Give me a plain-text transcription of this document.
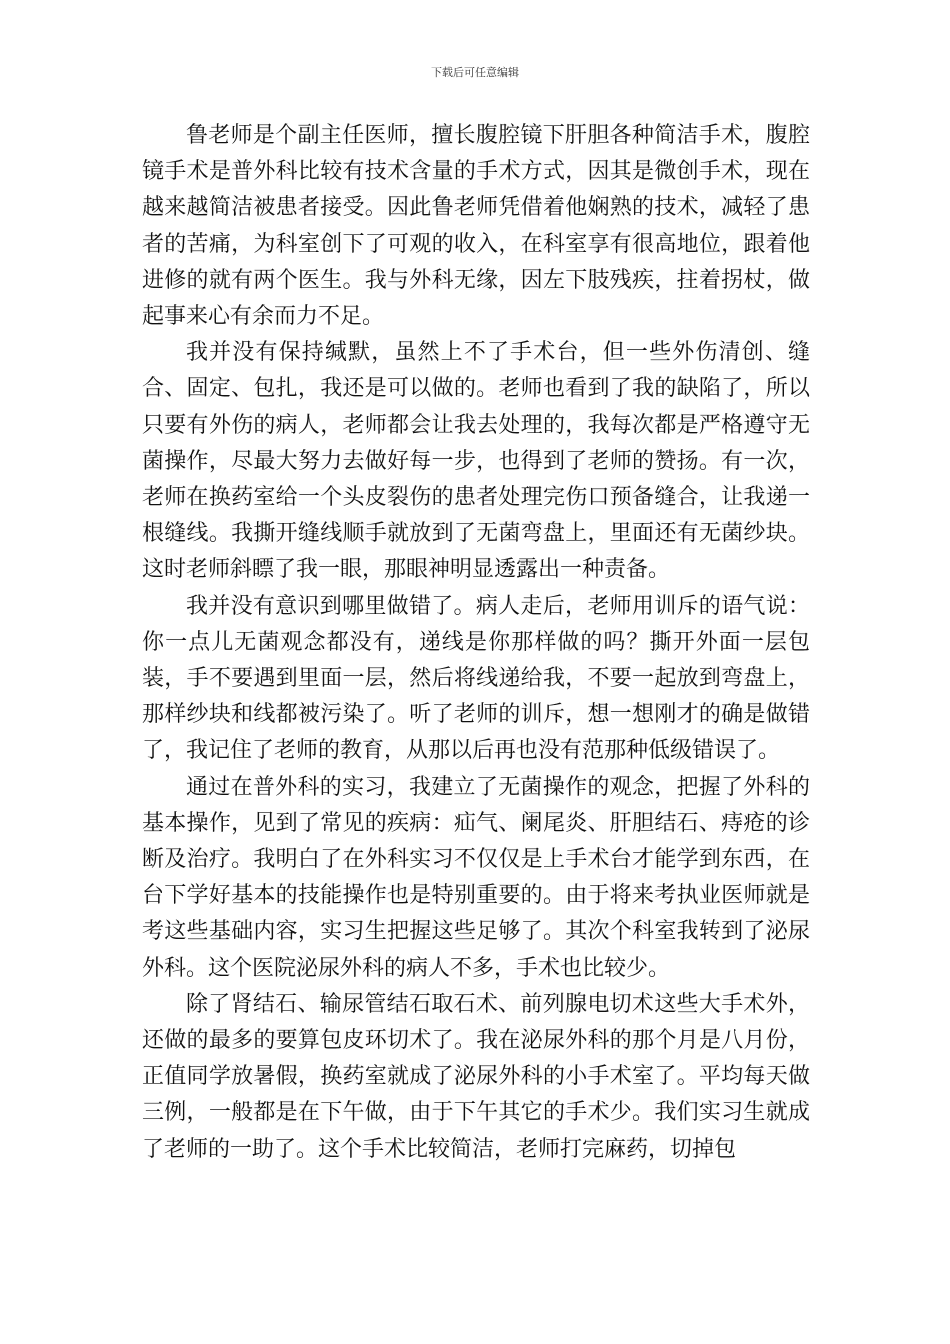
下载后可任意编辑

鲁老师是个副主任医师，擅长腹腔镜下肝胆各种简洁手术，腹腔镜手术是普外科比较有技术含量的手术方式，因其是微创手术，现在越来越简洁被患者接受。因此鲁老师凭借着他娴熟的技术，减轻了患者的苦痛，为科室创下了可观的收入，在科室享有很高地位，跟着他进修的就有两个医生。我与外科无缘，因左下肢残疾，拄着拐杖，做起事来心有余而力不足。

我并没有保持缄默，虽然上不了手术台，但一些外伤清创、缝合、固定、包扎，我还是可以做的。老师也看到了我的缺陷了，所以只要有外伤的病人，老师都会让我去处理的，我每次都是严格遵守无菌操作，尽最大努力去做好每一步，也得到了老师的赞扬。有一次，老师在换药室给一个头皮裂伤的患者处理完伤口预备缝合，让我递一根缝线。我撕开缝线顺手就放到了无菌弯盘上，里面还有无菌纱块。这时老师斜瞟了我一眼，那眼神明显透露出一种责备。

我并没有意识到哪里做错了。病人走后，老师用训斥的语气说：你一点儿无菌观念都没有，递线是你那样做的吗？撕开外面一层包装，手不要遇到里面一层，然后将线递给我，不要一起放到弯盘上，那样纱块和线都被污染了。听了老师的训斥，想一想刚才的确是做错了，我记住了老师的教育，从那以后再也没有范那种低级错误了。

通过在普外科的实习，我建立了无菌操作的观念，把握了外科的基本操作，见到了常见的疾病：疝气、阑尾炎、肝胆结石、痔疮的诊断及治疗。我明白了在外科实习不仅仅是上手术台才能学到东西，在台下学好基本的技能操作也是特别重要的。由于将来考执业医师就是考这些基础内容，实习生把握这些足够了。其次个科室我转到了泌尿外科。这个医院泌尿外科的病人不多，手术也比较少。

除了肾结石、输尿管结石取石术、前列腺电切术这些大手术外，还做的最多的要算包皮环切术了。我在泌尿外科的那个月是八月份，正值同学放暑假，换药室就成了泌尿外科的小手术室了。平均每天做三例，一般都是在下午做，由于下午其它的手术少。我们实习生就成了老师的一助了。这个手术比较简洁，老师打完麻药，切掉包
